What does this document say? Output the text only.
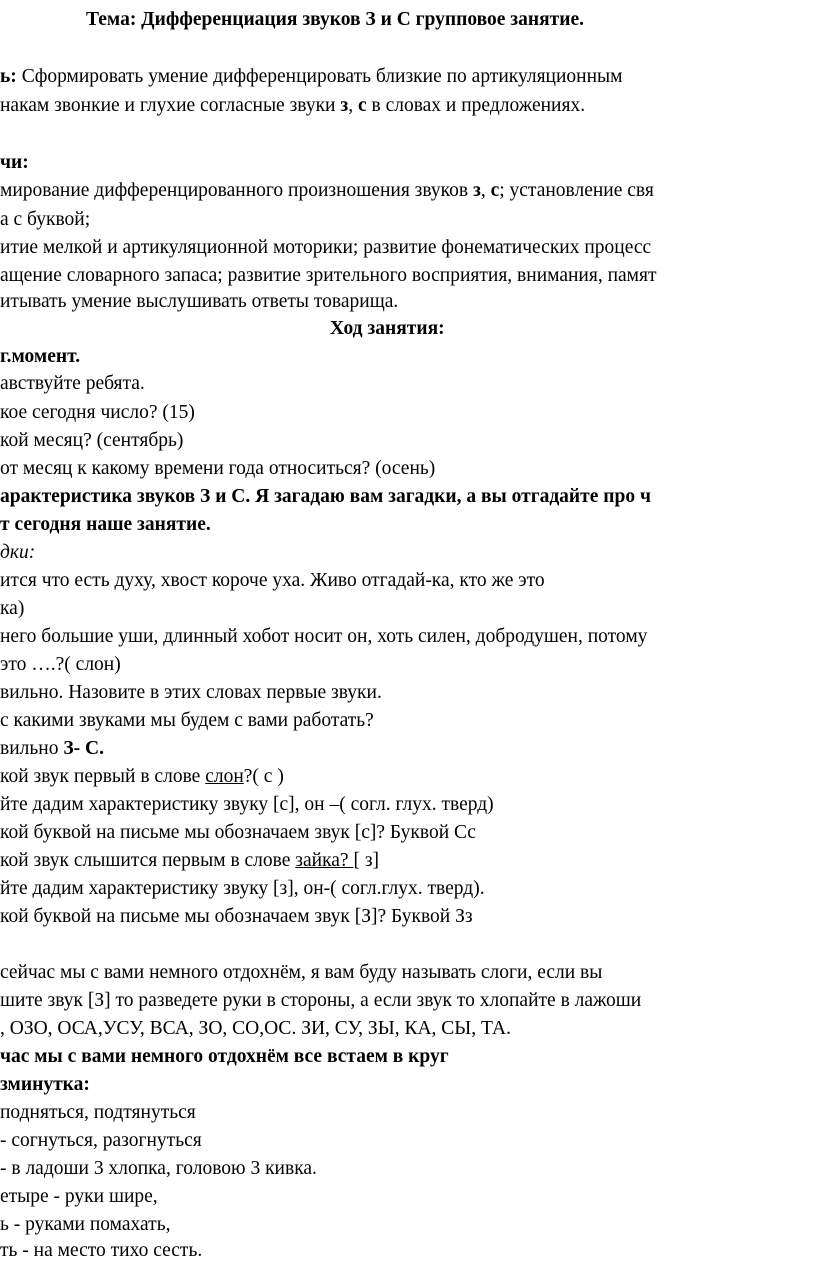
Тема: Дифференциация звуков З и С групповое занятие.
ь: Сформировать умение дифференцировать близкие по артикуляционным
накам звонкие и глухие согласные звуки з, с в словах и предложениях.
чи:
мирование дифференцированного произношения звуков з, с; установление свя
а с буквой;
итие мелкой и артикуляционной моторики; развитие фонематических процесс
ащение словарного запаса; развитие зрительного восприятия, внимания, памят
итывать умение выслушивать ответы товарища.
Ход занятия:
г.момент.
авствуйте ребята.
кое сегодня число? (15)
кой месяц? (сентябрь)
от месяц к какому времени года относиться? (осень)
арактеристика звуков З и С. Я загадаю вам загадки, а вы отгадайте про ч
т сегодня наше занятие.
дки:
ится что есть духу, хвост короче уха. Живо отгадай-ка, кто же это
ка)
него большие уши, длинный хобот носит он, хоть силен, добродушен, потому
это ….?( слон)
вильно. Назовите в этих словах первые звуки.
с какими звуками мы будем с вами работать?
вильно З- С.
кой звук первый в слове слон?( с )
йте дадим характеристику звуку [с], он –( согл. глух. тверд)
кой буквой на письме мы обозначаем звук [с]? Буквой Сс
кой звук слышится первым в слове зайка? [ з]
йте дадим характеристику звуку [з], он-( согл.глух. тверд).
кой буквой на письме мы обозначаем звук [З]? Буквой Зз
сейчас мы с вами немного отдохнём, я вам буду называть слоги, если вы
шите звук [З] то разведете руки в стороны, а если звук то хлопайте в лажоши
, ОЗО, ОСА,УСУ, ВСА, ЗО, СО,ОС. ЗИ, СУ, ЗЫ, КА, СЫ, ТА.
час мы с вами немного отдохнём все встаем в круг
зминутка:
подняться, подтянуться
- согнуться, разогнуться
- в ладоши 3 хлопка, головою 3 кивка.
етыре - руки шире,
ь - руками помахать,
ть - на место тихо сесть.
